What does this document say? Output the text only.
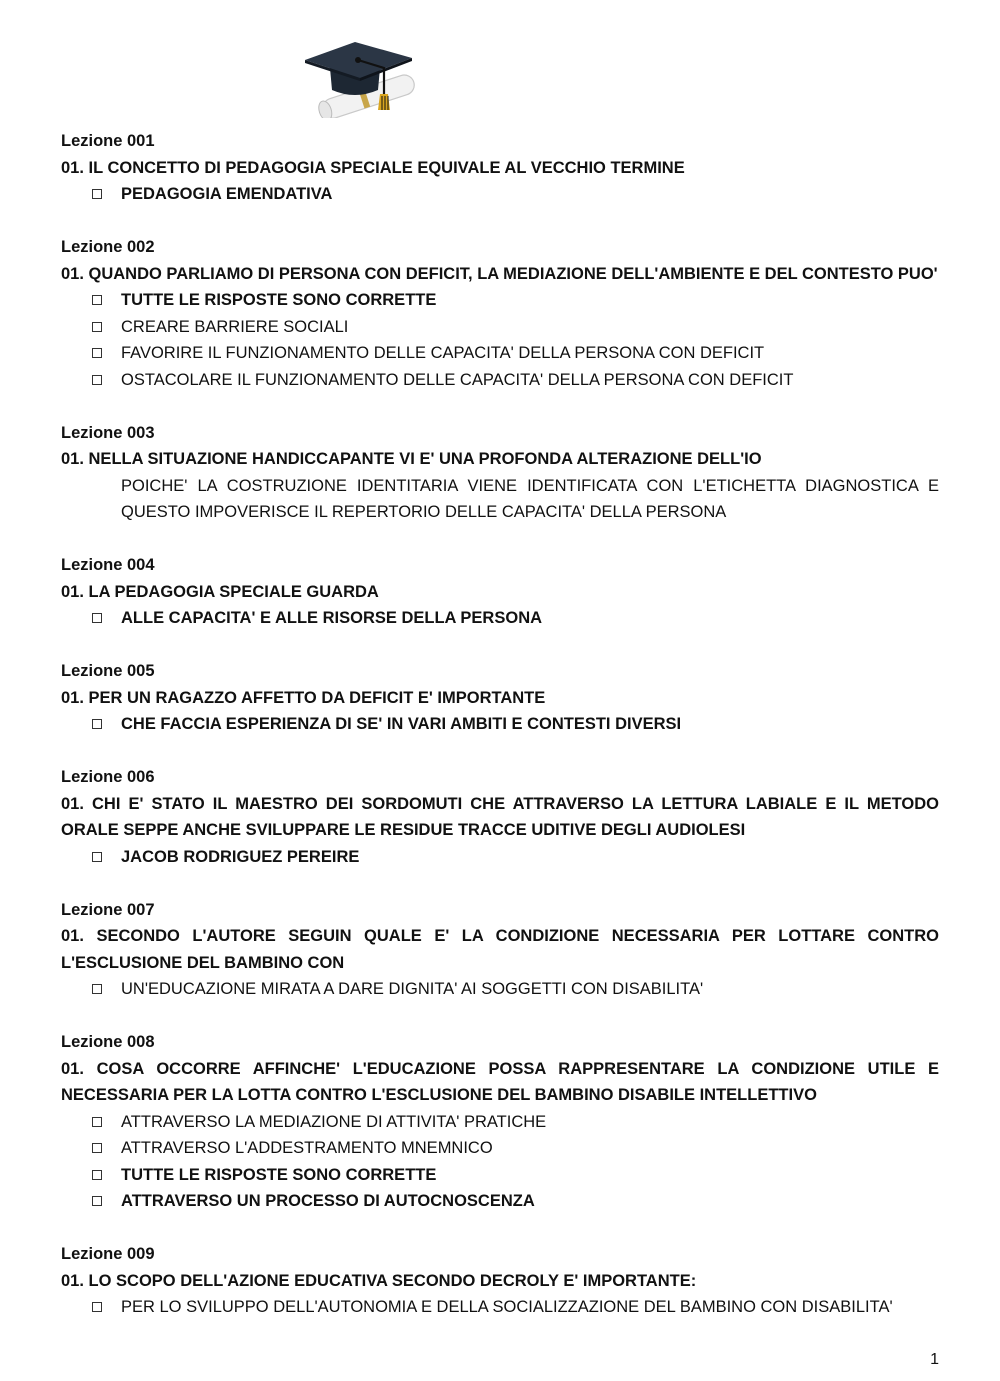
Lezione 001
01. IL CONCETTO DI PEDAGOGIA SPECIALE EQUIVALE AL VECCHIO TERMINE
PEDAGOGIA EMENDATIVA
Lezione 002
01. QUANDO PARLIAMO DI PERSONA CON DEFICIT, LA MEDIAZIONE DELL'AMBIENTE E DEL CONTESTO PUO'
TUTTE LE RISPOSTE SONO CORRETTE
CREARE BARRIERE SOCIALI
FAVORIRE IL FUNZIONAMENTO DELLE CAPACITA' DELLA PERSONA CON DEFICIT
OSTACOLARE IL FUNZIONAMENTO DELLE CAPACITA' DELLA PERSONA CON DEFICIT
Lezione 003
01. NELLA SITUAZIONE HANDICCAPANTE VI E' UNA PROFONDA ALTERAZIONE DELL'IO
POICHE' LA COSTRUZIONE IDENTITARIA VIENE IDENTIFICATA CON L'ETICHETTA DIAGNOSTICA E QUESTO IMPOVERISCE IL REPERTORIO DELLE CAPACITA' DELLA PERSONA
Lezione 004
01. LA PEDAGOGIA SPECIALE GUARDA
ALLE CAPACITA' E ALLE RISORSE DELLA PERSONA
Lezione 005
01. PER UN RAGAZZO AFFETTO DA DEFICIT E' IMPORTANTE
CHE FACCIA ESPERIENZA DI SE' IN VARI AMBITI E CONTESTI DIVERSI
Lezione 006
01. CHI E' STATO IL MAESTRO DEI SORDOMUTI CHE ATTRAVERSO LA LETTURA LABIALE E IL METODO ORALE SEPPE ANCHE SVILUPPARE LE RESIDUE TRACCE UDITIVE DEGLI AUDIOLESI
JACOB RODRIGUEZ PEREIRE
Lezione 007
01. SECONDO L'AUTORE SEGUIN QUALE E' LA CONDIZIONE NECESSARIA PER LOTTARE CONTRO L'ESCLUSIONE DEL BAMBINO CON
UN'EDUCAZIONE MIRATA A DARE DIGNITA' AI SOGGETTI CON DISABILITA'
Lezione 008
01. COSA OCCORRE AFFINCHE' L'EDUCAZIONE POSSA RAPPRESENTARE LA CONDIZIONE UTILE E NECESSARIA PER LA LOTTA CONTRO L'ESCLUSIONE DEL BAMBINO DISABILE INTELLETTIVO
ATTRAVERSO LA MEDIAZIONE DI ATTIVITA' PRATICHE
ATTRAVERSO L'ADDESTRAMENTO MNEMNICO
TUTTE LE RISPOSTE SONO CORRETTE
ATTRAVERSO UN PROCESSO DI AUTOCNOSCENZA
Lezione 009
01. LO SCOPO DELL'AZIONE EDUCATIVA SECONDO DECROLY E' IMPORTANTE:
PER LO SVILUPPO DELL'AUTONOMIA E DELLA SOCIALIZZAZIONE DEL BAMBINO CON DISABILITA'
1
